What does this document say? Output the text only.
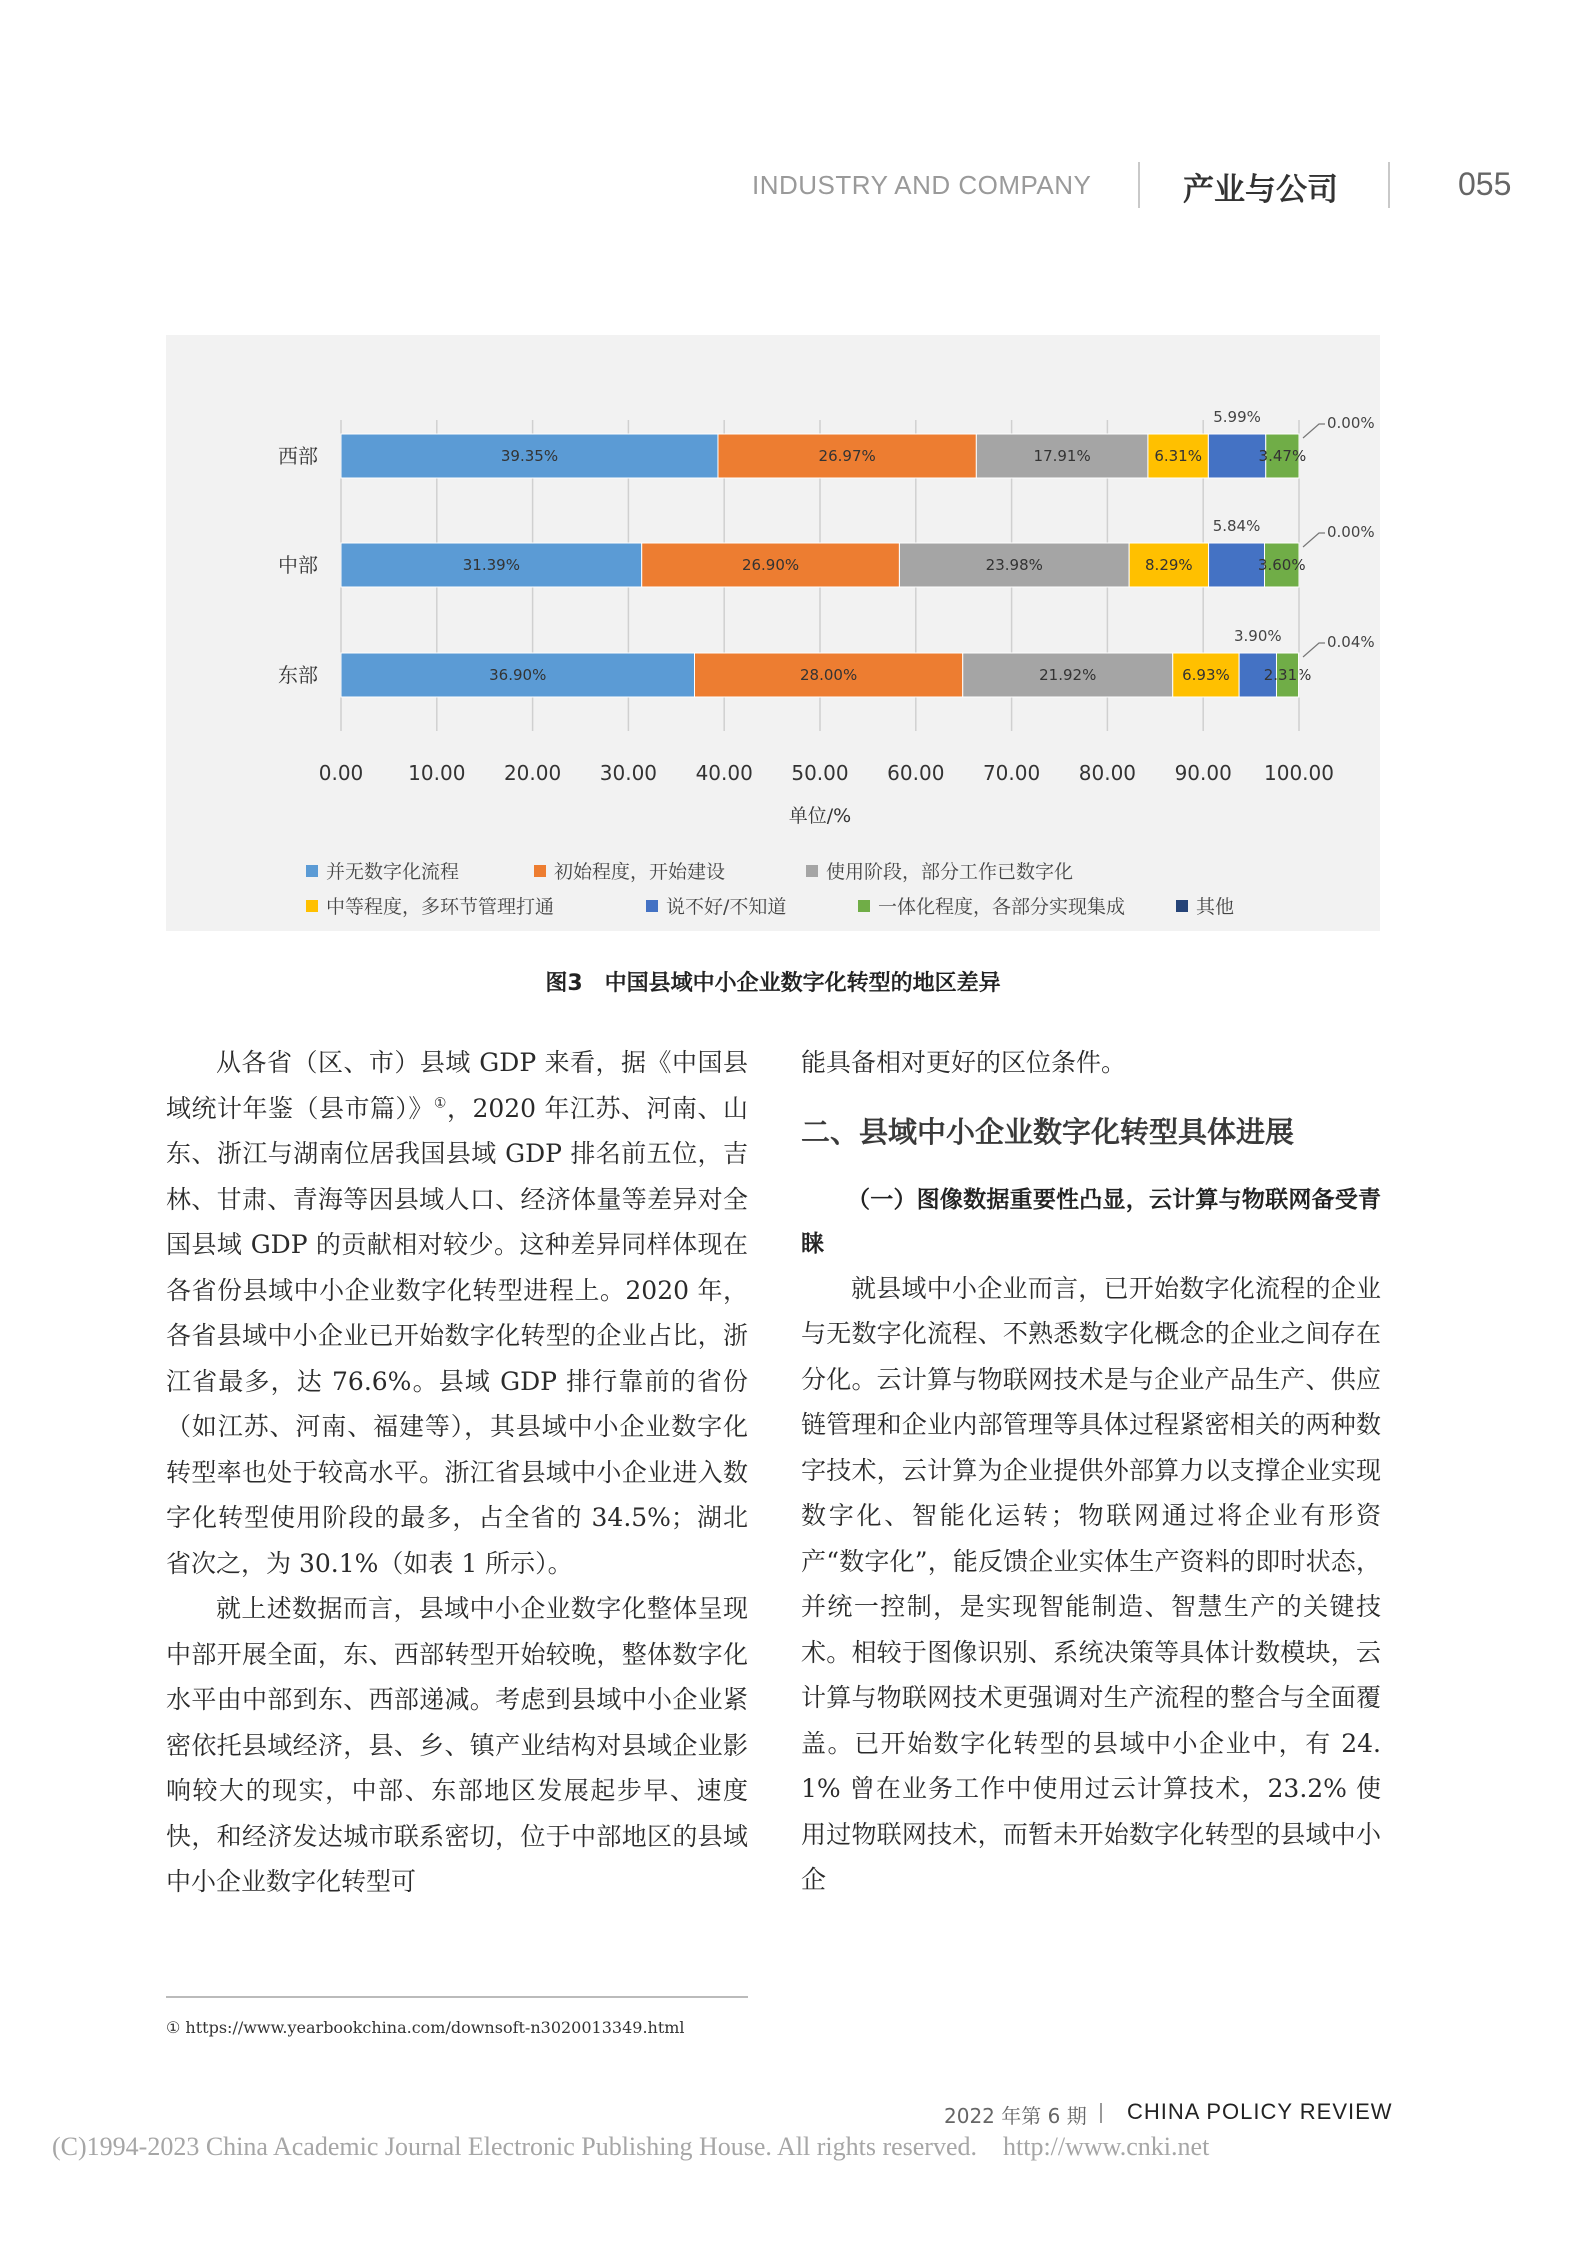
INDUSTRY AND COMPANY	产业与公司	055
西部	39.35%	26.97%	17.91%	6.31%
5.99%
3.47%
0.00%
中部	31.39%	26.90%	23.98%	8.29%
5.84%
3.60%
0.00%
东部	36.90%	28.00%	21.92%	6.93%
3.90%
2.31%
0.04%
0.00 10.00 20.00 30.00 40.00 50.00 60.00 70.00 80.00 90.00 100.00
单位/%
并无数字化流程	初始程度，开始建设	使用阶段，部分工作已数字化
中等程度，多环节管理打通	说不好/不知道	一体化程度，各部分实现集成	其他
图3　中国县域中小企业数字化转型的地区差异

从各省（区、市）县域 GDP 来看，据《中国县域统计年鉴（县市篇）》①，2020 年江苏、河南、山东、浙江与湖南位居我国县域 GDP 排名前五位，吉林、甘肃、青海等因县域人口、经济体量等差异对全国县域 GDP 的贡献相对较少。这种差异同样体现在各省份县域中小企业数字化转型进程上。2020 年，各省县域中小企业已开始数字化转型的企业占比，浙江省最多，达 76.6%。县域 GDP 排行靠前的省份（如江苏、河南、福建等），其县域中小企业数字化转型率也处于较高水平。浙江省县域中小企业进入数字化转型使用阶段的最多，占全省的 34.5%；湖北省次之，为 30.1%（如表 1 所示）。

就上述数据而言，县域中小企业数字化整体呈现中部开展全面，东、西部转型开始较晚，整体数字化水平由中部到东、西部递减。考虑到县域中小企业紧密依托县域经济，县、乡、镇产业结构对县域企业影响较大的现实，中部、东部地区发展起步早、速度快，和经济发达城市联系密切，位于中部地区的县域中小企业数字化转型可

能具备相对更好的区位条件。

二、县域中小企业数字化转型具体进展

（一）图像数据重要性凸显，云计算与物联网备受青睐

就县域中小企业而言，已开始数字化流程的企业与无数字化流程、不熟悉数字化概念的企业之间存在分化。云计算与物联网技术是与企业产品生产、供应链管理和企业内部管理等具体过程紧密相关的两种数字技术，云计算为企业提供外部算力以支撑企业实现数字化、智能化运转；物联网通过将企业有形资产“数字化”，能反馈企业实体生产资料的即时状态，并统一控制，是实现智能制造、智慧生产的关键技术。相较于图像识别、系统决策等具体计数模块，云计算与物联网技术更强调对生产流程的整合与全面覆盖。已开始数字化转型的县域中小企业中，有 24.1% 曾在业务工作中使用过云计算技术，23.2% 使用过物联网技术，而暂未开始数字化转型的县域中小企

① https://www.yearbookchina.com/downsoft-n3020013349.html
2022 年第 6 期 CHINA POLICY REVIEW
(C)1994-2023 China Academic Journal Electronic Publishing House. All rights reserved. http://www.cnki.net
